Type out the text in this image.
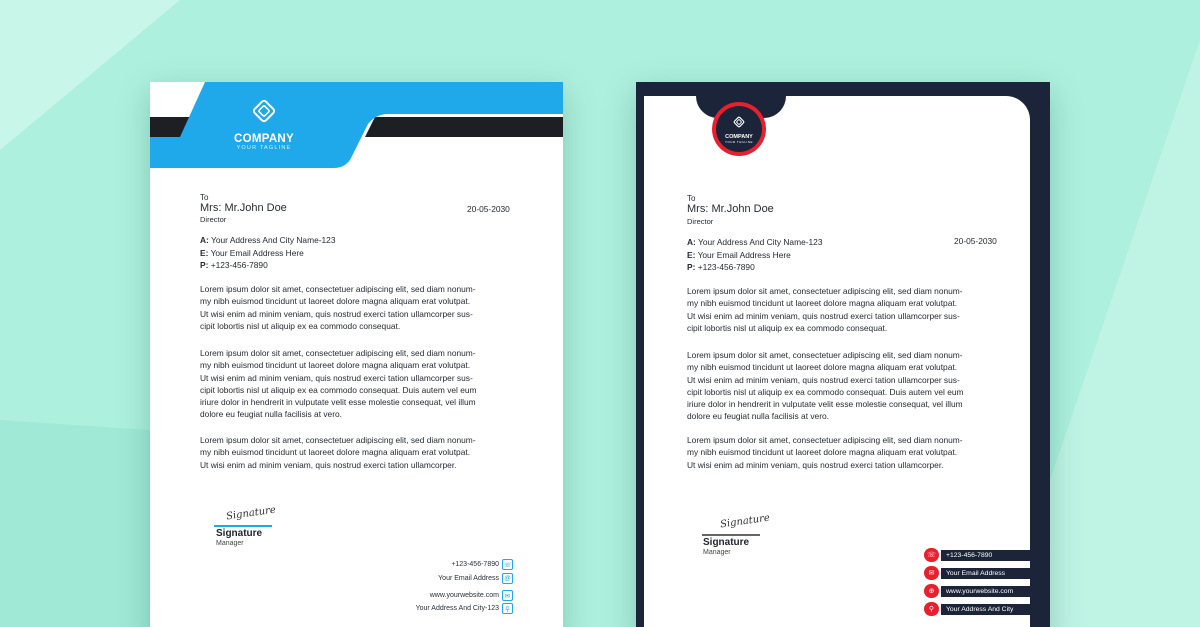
COMPANY
YOUR TAGLINE
To
Mrs: Mr.John Doe
Director
20-05-2030
A: Your Address And City Name-123
E: Your Email Address Here
P: +123-456-7890
Lorem ipsum dolor sit amet, consectetuer adipiscing elit, sed diam nonum-
my nibh euismod tincidunt ut laoreet dolore magna aliquam erat volutpat.
Ut wisi enim ad minim veniam, quis nostrud exerci tation ullamcorper sus-
cipit lobortis nisl ut aliquip ex ea commodo consequat.
Lorem ipsum dolor sit amet, consectetuer adipiscing elit, sed diam nonum-
my nibh euismod tincidunt ut laoreet dolore magna aliquam erat volutpat.
Ut wisi enim ad minim veniam, quis nostrud exerci tation ullamcorper sus-
cipit lobortis nisl ut aliquip ex ea commodo consequat. Duis autem vel eum
iriure dolor in hendrerit in vulputate velit esse molestie consequat, vel illum
dolore eu feugiat nulla facilisis at vero.
Lorem ipsum dolor sit amet, consectetuer adipiscing elit, sed diam nonum-
my nibh euismod tincidunt ut laoreet dolore magna aliquam erat volutpat.
Ut wisi enim ad minim veniam, quis nostrud exerci tation ullamcorper.
Signature
Signature
Manager
+123-456-7890 ☏
Your Email Address @
www.yourwebsite.com ✉
Your Address And City-123 ⚲
To
Mrs: Mr.John Doe
Director
20-05-2030
A: Your Address And City Name-123
E: Your Email Address Here
P: +123-456-7890
Lorem ipsum dolor sit amet, consectetuer adipiscing elit, sed diam nonum-
my nibh euismod tincidunt ut laoreet dolore magna aliquam erat volutpat.
Ut wisi enim ad minim veniam, quis nostrud exerci tation ullamcorper sus-
cipit lobortis nisl ut aliquip ex ea commodo consequat.
Lorem ipsum dolor sit amet, consectetuer adipiscing elit, sed diam nonum-
my nibh euismod tincidunt ut laoreet dolore magna aliquam erat volutpat.
Ut wisi enim ad minim veniam, quis nostrud exerci tation ullamcorper sus-
cipit lobortis nisl ut aliquip ex ea commodo consequat. Duis autem vel eum
iriure dolor in hendrerit in vulputate velit esse molestie consequat, vel illum
dolore eu feugiat nulla facilisis at vero.
Lorem ipsum dolor sit amet, consectetuer adipiscing elit, sed diam nonum-
my nibh euismod tincidunt ut laoreet dolore magna aliquam erat volutpat.
Ut wisi enim ad minim veniam, quis nostrud exerci tation ullamcorper.
Signature
Signature
Manager
COMPANY
YOUR TAGLINE
☏	+123-456-7890
✉	Your Email Address
⊕	www.yourwebsite.com
⚲	Your Address And City
